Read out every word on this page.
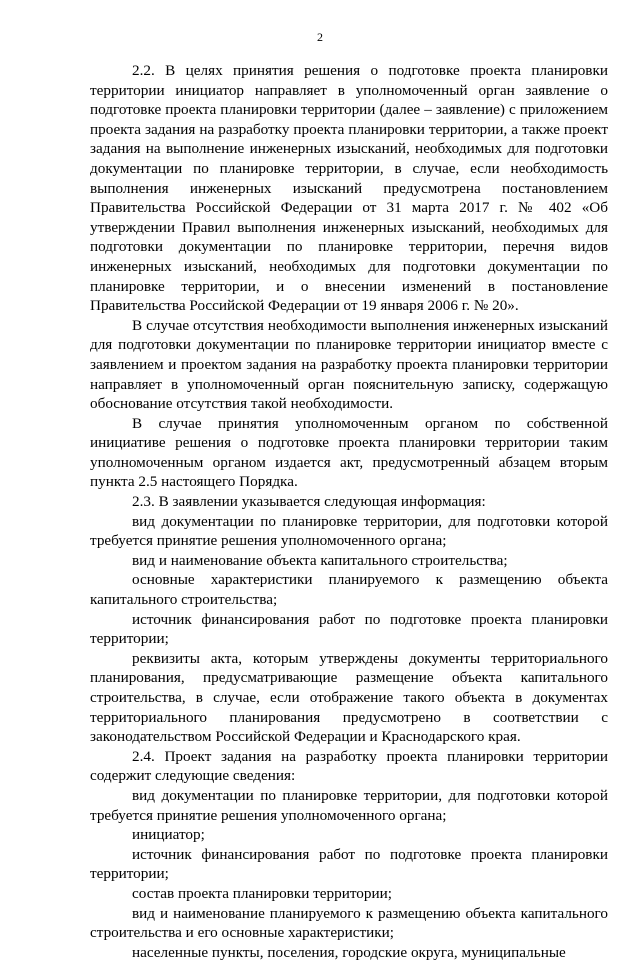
2

2.2. В целях принятия решения о подготовке проекта планировки территории инициатор направляет в уполномоченный орган заявление о подготовке проекта планировки территории (далее – заявление) с приложением проекта задания на разработку проекта планировки территории, а также проект задания на выполнение инженерных изысканий, необходимых для подготовки документации по планировке территории, в случае, если необходимость выполнения инженерных изысканий предусмотрена постановлением Правительства Российской Федерации от 31 марта 2017 г. № 402 «Об утверждении Правил выполнения инженерных изысканий, необходимых для подготовки документации по планировке территории, перечня видов инженерных изысканий, необходимых для подготовки документации по планировке территории, и о внесении изменений в постановление Правительства Российской Федерации от 19 января 2006 г. № 20».

В случае отсутствия необходимости выполнения инженерных изысканий для подготовки документации по планировке территории инициатор вместе с заявлением и проектом задания на разработку проекта планировки территории направляет в уполномоченный орган пояснительную записку, содержащую обоснование отсутствия такой необходимости.

В случае принятия уполномоченным органом по собственной инициативе решения о подготовке проекта планировки территории таким уполномоченным органом издается акт, предусмотренный абзацем вторым пункта 2.5 настоящего Порядка.

2.3. В заявлении указывается следующая информация:

вид документации по планировке территории, для подготовки которой требуется принятие решения уполномоченного органа;

вид и наименование объекта капитального строительства;

основные характеристики планируемого к размещению объекта капитального строительства;

источник финансирования работ по подготовке проекта планировки территории;

реквизиты акта, которым утверждены документы территориального планирования, предусматривающие размещение объекта капитального строительства, в случае, если отображение такого объекта в документах территориального планирования предусмотрено в соответствии с законодательством Российской Федерации и Краснодарского края.

2.4. Проект задания на разработку проекта планировки территории содержит следующие сведения:

вид документации по планировке территории, для подготовки которой требуется принятие решения уполномоченного органа;

инициатор;

источник финансирования работ по подготовке проекта планировки территории;

состав проекта планировки территории;

вид и наименование планируемого к размещению объекта капитального строительства и его основные характеристики;

населенные пункты, поселения, городские округа, муниципальные
